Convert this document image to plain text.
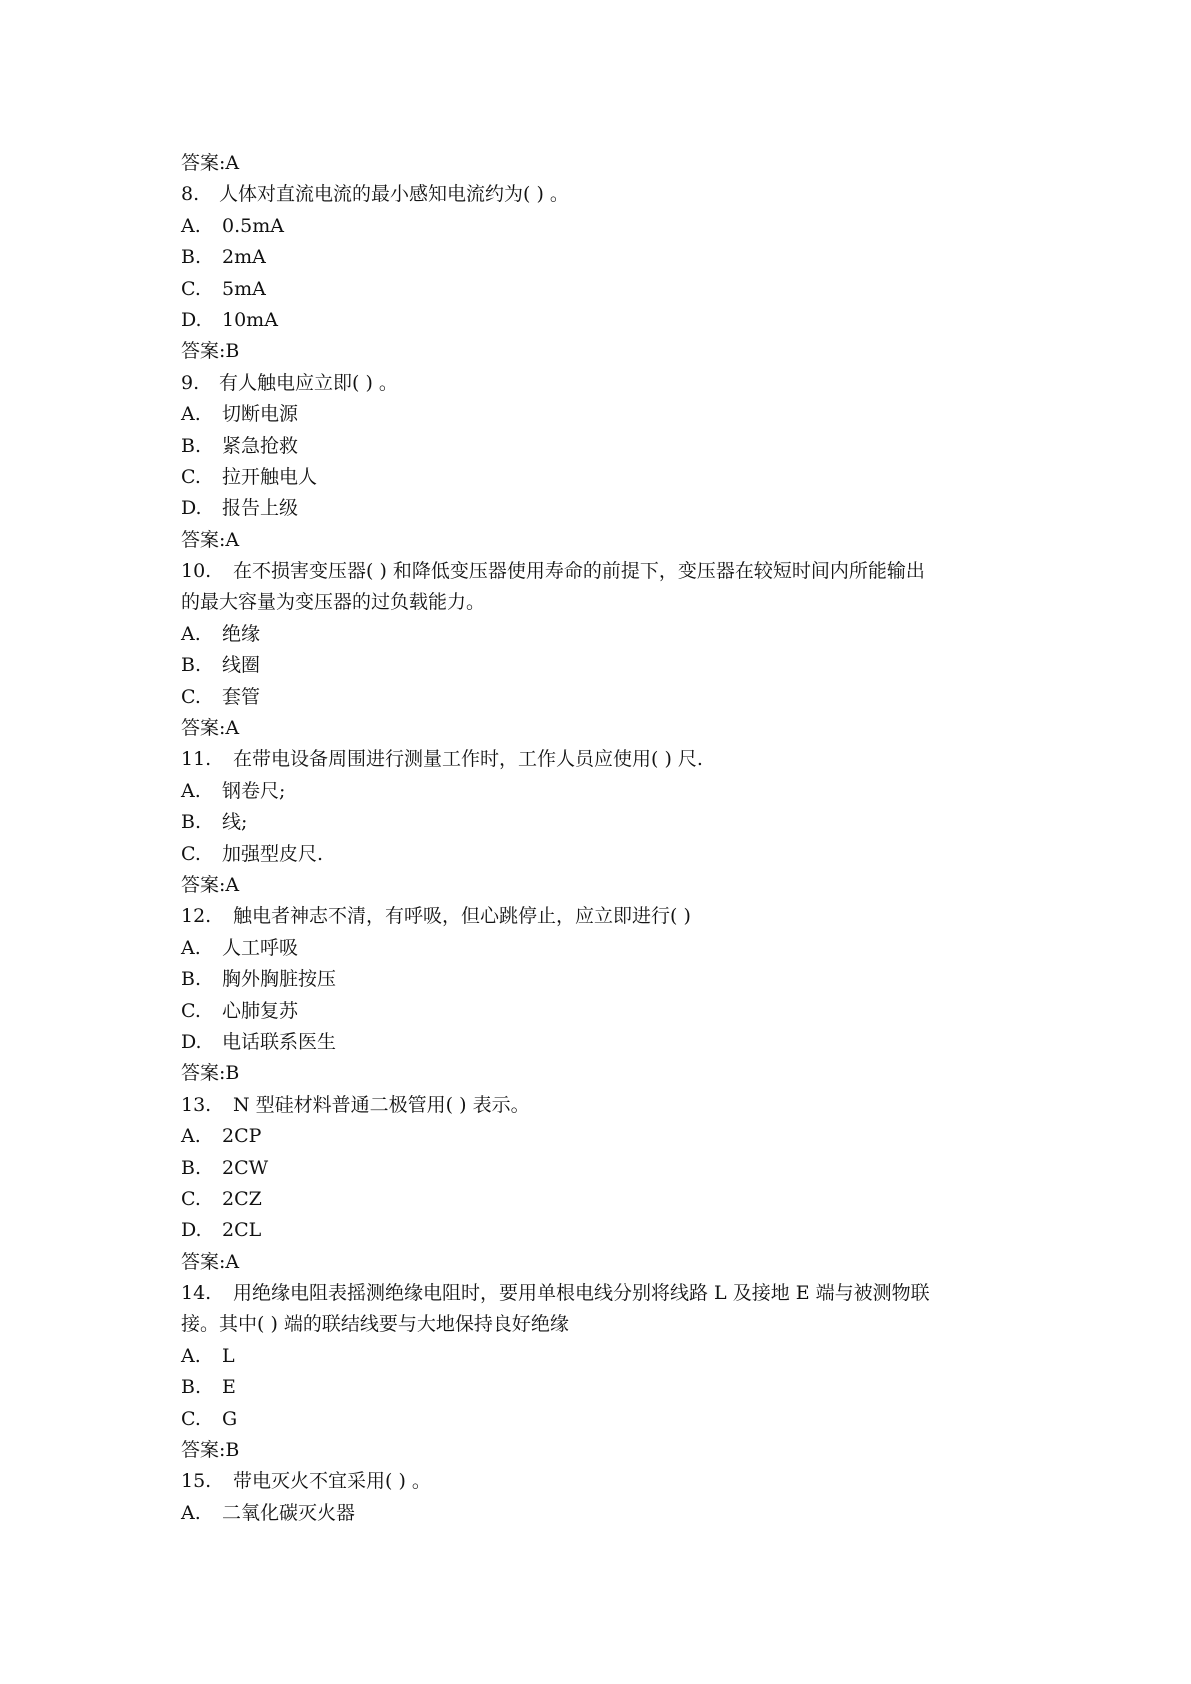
答案:A
8. 人体对直流电流的最小感知电流约为( ) 。
A. 0.5mA
B. 2mA
C. 5mA
D. 10mA
答案:B
9. 有人触电应立即( ) 。
A. 切断电源
B. 紧急抢救
C. 拉开触电人
D. 报告上级
答案:A
10. 在不损害变压器( ) 和降低变压器使用寿命的前提下，变压器在较短时间内所能输出
的最大容量为变压器的过负载能力。
A. 绝缘
B. 线圈
C. 套管
答案:A
11. 在带电设备周围进行测量工作时，工作人员应使用( ) 尺.
A. 钢卷尺;
B. 线;
C. 加强型皮尺.
答案:A
12. 触电者神志不清，有呼吸，但心跳停止，应立即进行( )
A. 人工呼吸
B. 胸外胸脏按压
C. 心肺复苏
D. 电话联系医生
答案:B
13. N 型硅材料普通二极管用( ) 表示。
A. 2CP
B. 2CW
C. 2CZ
D. 2CL
答案:A
14. 用绝缘电阻表摇测绝缘电阻时，要用单根电线分别将线路 L 及接地 E 端与被测物联
接。其中( ) 端的联结线要与大地保持良好绝缘
A. L
B. E
C. G
答案:B
15. 带电灭火不宜采用( ) 。
A. 二氧化碳灭火器
